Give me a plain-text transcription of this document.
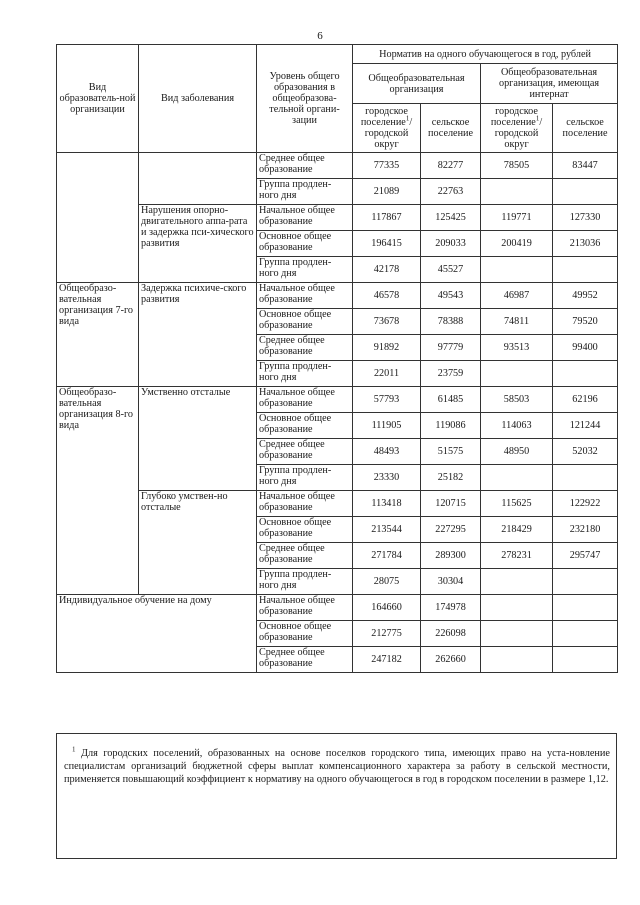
6
Вид образователь-ной организации	Вид заболевания	Уровень общего образования в общеобразова-тельной органи-зации	Норматив на одного обучающегося в год, рублей			
			Общеобразовательная организация		Общеобразовательная организация, имеющая интернат	
			городское поселение$^1$/ городской округ	сельское поселение	городское поселение$^1$/ городской округ	сельское поселение
		Среднее общее образование	77335	82277	78505	83447
		Группа продлен-ного дня	21089	22763		
	Нарушения опорно-двигательного аппа-рата и задержка пси-хического развития	Начальное общее образование	117867	125425	119771	127330
		Основное общее образование	196415	209033	200419	213036
		Группа продлен-ного дня	42178	45527		
Общеобразо-вательная организация 7-го вида	Задержка психиче-ского развития	Начальное общее образование	46578	49543	46987	49952
		Основное общее образование	73678	78388	74811	79520
		Среднее общее образование	91892	97779	93513	99400
		Группа продлен-ного дня	22011	23759		
Общеобразо-вательная организация 8-го вида	Умственно отсталые	Начальное общее образование	57793	61485	58503	62196
		Основное общее образование	111905	119086	114063	121244
		Среднее общее образование	48493	51575	48950	52032
		Группа продлен-ного дня	23330	25182		
	Глубоко умствен-но отсталые	Начальное общее образование	113418	120715	115625	122922
		Основное общее образование	213544	227295	218429	232180
		Среднее общее образование	271784	289300	278231	295747
		Группа продлен-ного дня	28075	30304		
Индивидуальное обучение на дому		Начальное общее образование	164660	174978		
		Основное общее образование	212775	226098		
		Среднее общее образование	247182	262660		
$^1$ Для городских поселений, образованных на основе поселков городского типа, имеющих право на уста-новление специалистам организаций бюджетной сферы выплат компенсационного характера за работу в сельской местности, применяется повышающий коэффициент к нормативу на одного обучающегося в год в городском поселении в размере 1,12.
